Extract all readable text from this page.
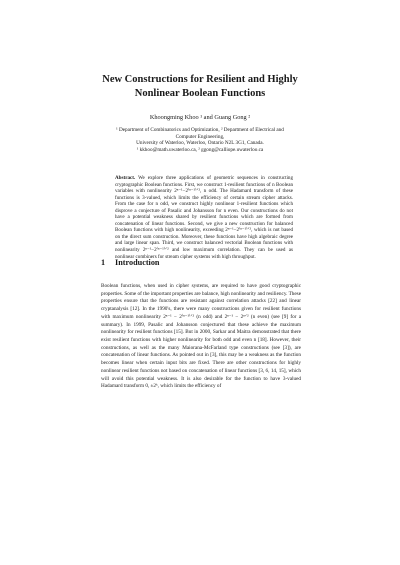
New Constructions for Resilient and Highly
Nonlinear Boolean Functions
Khoongming Khoo ¹ and Guang Gong ²
¹ Department of Combinatorics and Optimization, ² Department of Electrical and
Computer Engineering,
University of Waterloo, Waterloo, Ontario N2L 3G1, Canada.
¹ kkhoo@math.uwaterloo.ca, ² ggong@calliope.uwaterloo.ca
Abstract. We explore three applications of geometric sequences in constructing cryptographic Boolean functions. First, we construct 1-resilient functions of n Boolean variables with nonlinearity 2ⁿ⁻¹−2⁽ⁿ⁻¹⁾ᐟ², n odd. The Hadamard transform of these functions is 3-valued, which limits the efficiency of certain stream cipher attacks. From the case for n odd, we construct highly nonlinear 1-resilient functions which disprove a conjecture of Pasalic and Johansson for n even. Our constructions do not have a potential weakness shared by resilient functions which are formed from concatenation of linear functions. Second, we give a new construction for balanced Boolean functions with high nonlinearity, exceeding 2ⁿ⁻¹−2⁽ⁿ⁻¹⁾ᐟ², which is not based on the direct sum construction. Moreover, these functions have high algebraic degree and large linear span. Third, we construct balanced vectorial Boolean functions with nonlinearity 2ⁿ⁻¹−2⁽ⁿ⁻¹⁾ᐟ² and low maximum correlation. They can be used as nonlinear combiners for stream cipher systems with high throughput.
1 Introduction
Boolean functions, when used in cipher systems, are required to have good cryptographic properties. Some of the important properties are balance, high nonlinearity and resiliency. These properties ensure that the functions are resistant against correlation attacks [22] and linear cryptanalysis [12]. In the 1990's, there were many constructions given for resilient functions with maximum nonlinearity 2ⁿ⁻¹ − 2⁽ⁿ⁻¹⁾ᐟ² (n odd) and 2ⁿ⁻¹ − 2ⁿᐟ² (n even) (see [9] for a summary). In 1999, Pasalic and Johansson conjectured that these achieve the maximum nonlinearity for resilient functions [15]. But in 2000, Sarkar and Maitra demonstrated that there exist resilient functions with higher nonlinearity for both odd and even n [18]. However, their constructions, as well as the many Maiorana-McFarland type constructions (see [3]), are concatenation of linear functions. As pointed out in [3], this may be a weakness as the function becomes linear when certain input bits are fixed. There are other constructions for highly nonlinear resilient functions not based on concatenation of linear functions [3, 6, 14, 15], which will avoid this potential weakness. It is also desirable for the function to have 3-valued Hadamard transform 0, ±2ᵏ, which limits the efficiency of
